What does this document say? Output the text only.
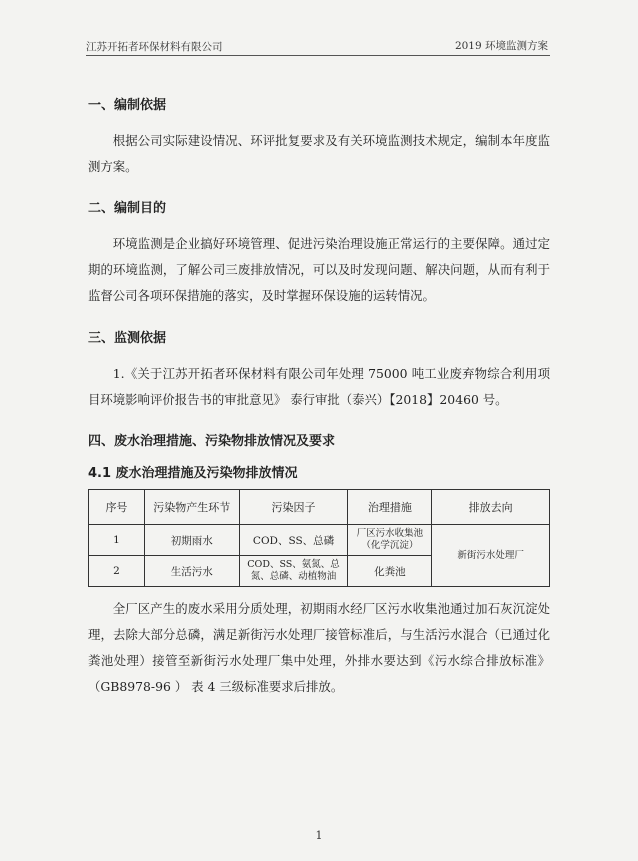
江苏开拓者环保材料有限公司	2019 环境监测方案
一、编制依据
根据公司实际建设情况、环评批复要求及有关环境监测技术规定，编制本年度监测方案。
二、编制目的
环境监测是企业搞好环境管理、促进污染治理设施正常运行的主要保障。通过定期的环境监测，了解公司三废排放情况，可以及时发现问题、解决问题，从而有利于监督公司各项环保措施的落实，及时掌握环保设施的运转情况。
三、监测依据
1.《关于江苏开拓者环保材料有限公司年处理 75000 吨工业废弃物综合利用项目环境影响评价报告书的审批意见》 泰行审批（泰兴）【2018】20460 号。
四、废水治理措施、污染物排放情况及要求
4.1 废水治理措施及污染物排放情况
序号	污染物产生环节	污染因子	治理措施	排放去向
1	初期雨水	COD、SS、总磷	厂区污水收集池（化学沉淀）	新街污水处理厂
2	生活污水	COD、SS、氨氮、总氮、总磷、动植物油	化粪池	
全厂区产生的废水采用分质处理，初期雨水经厂区污水收集池通过加石灰沉淀处理，去除大部分总磷，满足新街污水处理厂接管标准后，与生活污水混合（已通过化粪池处理）接管至新街污水处理厂集中处理，外排水要达到《污水综合排放标准》（GB8978-96 ） 表 4 三级标准要求后排放。
1
